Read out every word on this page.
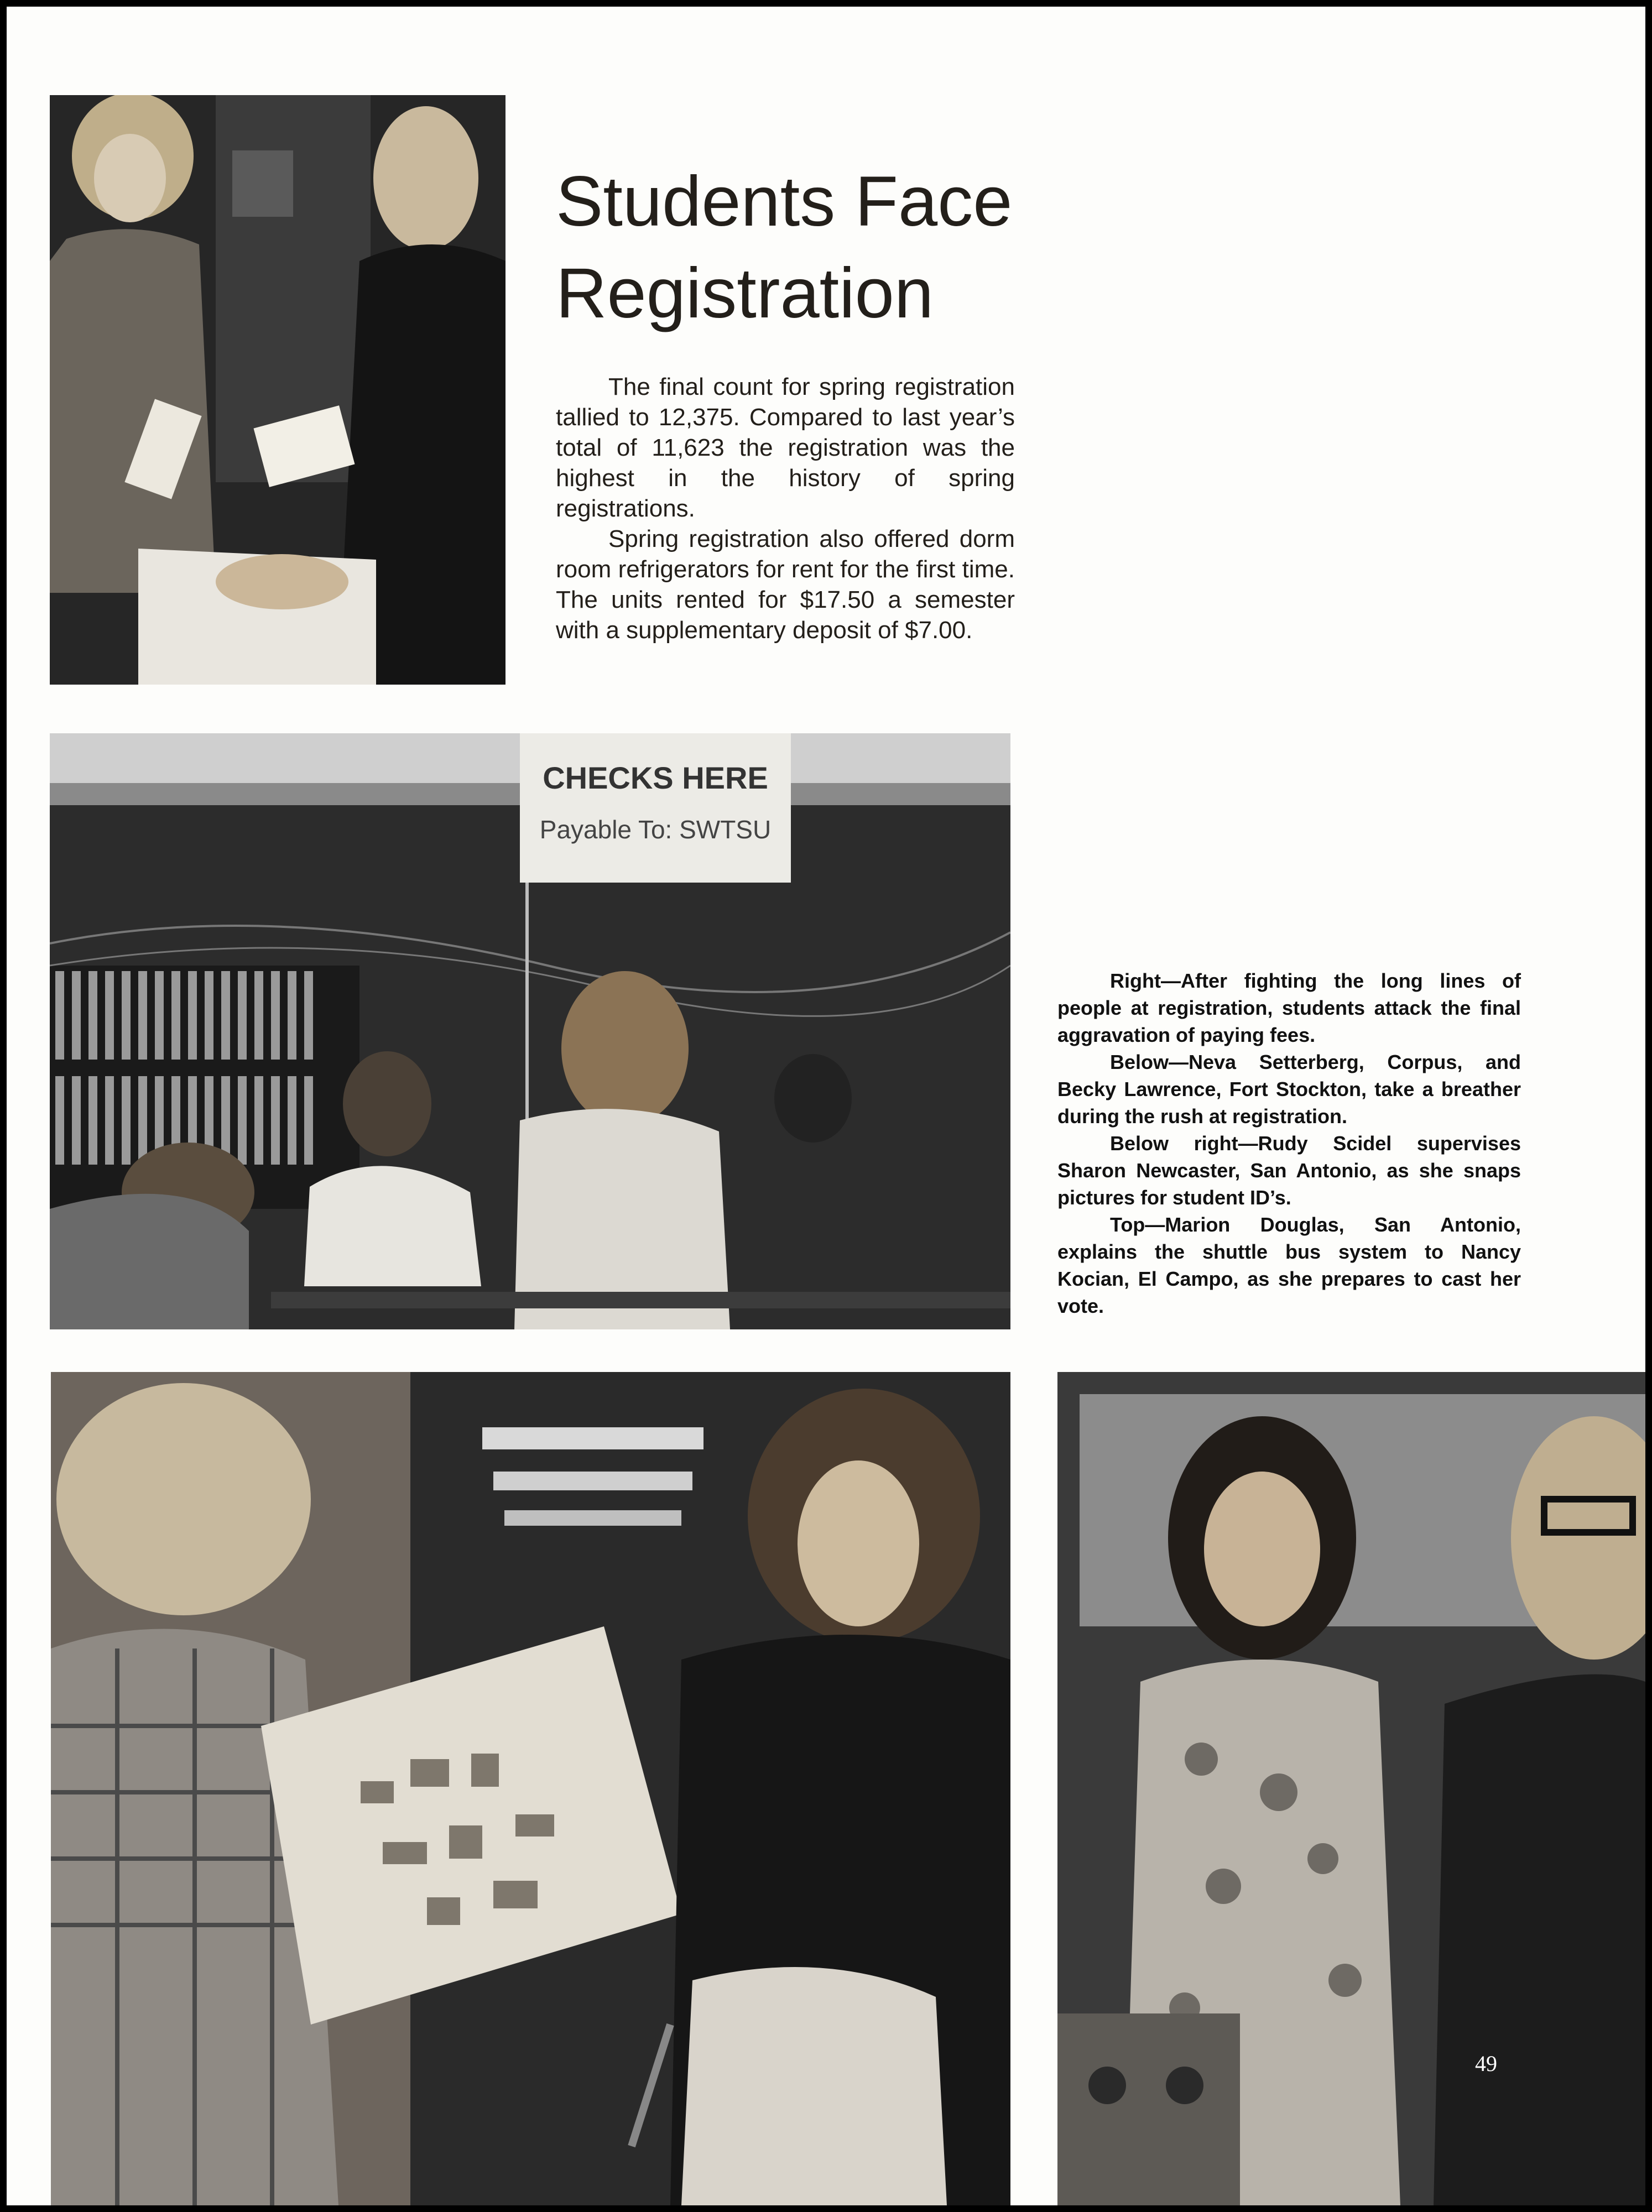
Students Face
Registration

The final count for spring registration tallied to 12,375. Compared to last year’s total of 11,623 the registration was the highest in the history of spring registrations.

Spring registration also offered dorm room refrigerators for rent for the first time. The units rented for $17.50 a semester with a supplementary deposit of $7.00.

CHECKS HERE
Payable To: SWTSU

Right—After fighting the long lines of people at registration, students attack the final aggravation of paying fees.

Below—Neva Setterberg, Corpus, and Becky Lawrence, Fort Stockton, take a breather during the rush at registration.

Below right—Rudy Scidel supervises Sharon Newcaster, San Antonio, as she snaps pictures for student ID’s.

Top—Marion Douglas, San Antonio, explains the shuttle bus system to Nancy Kocian, El Campo, as she prepares to cast her vote.

49
